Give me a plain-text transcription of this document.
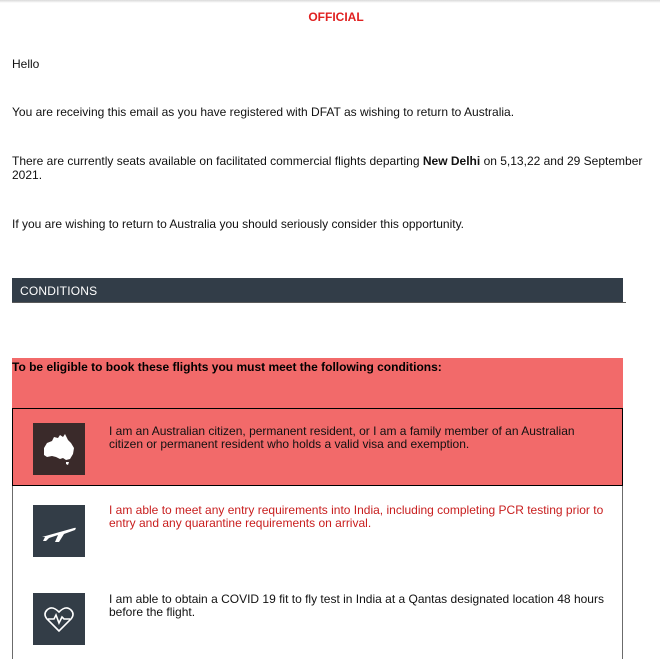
OFFICIAL
Hello
You are receiving this email as you have registered with DFAT as wishing to return to Australia.
There are currently seats available on facilitated commercial flights departing New Delhi on 5,13,22 and 29 September 2021.
If you are wishing to return to Australia you should seriously consider this opportunity.
CONDITIONS
To be eligible to book these flights you must meet the following conditions:
I am an Australian citizen, permanent resident, or I am a family member of an Australian citizen or permanent resident who holds a valid visa and exemption.
I am able to meet any entry requirements into India, including completing PCR testing prior to entry and any quarantine requirements on arrival.
I am able to obtain a COVID 19 fit to fly test in India at a Qantas designated location 48 hours before the flight.
